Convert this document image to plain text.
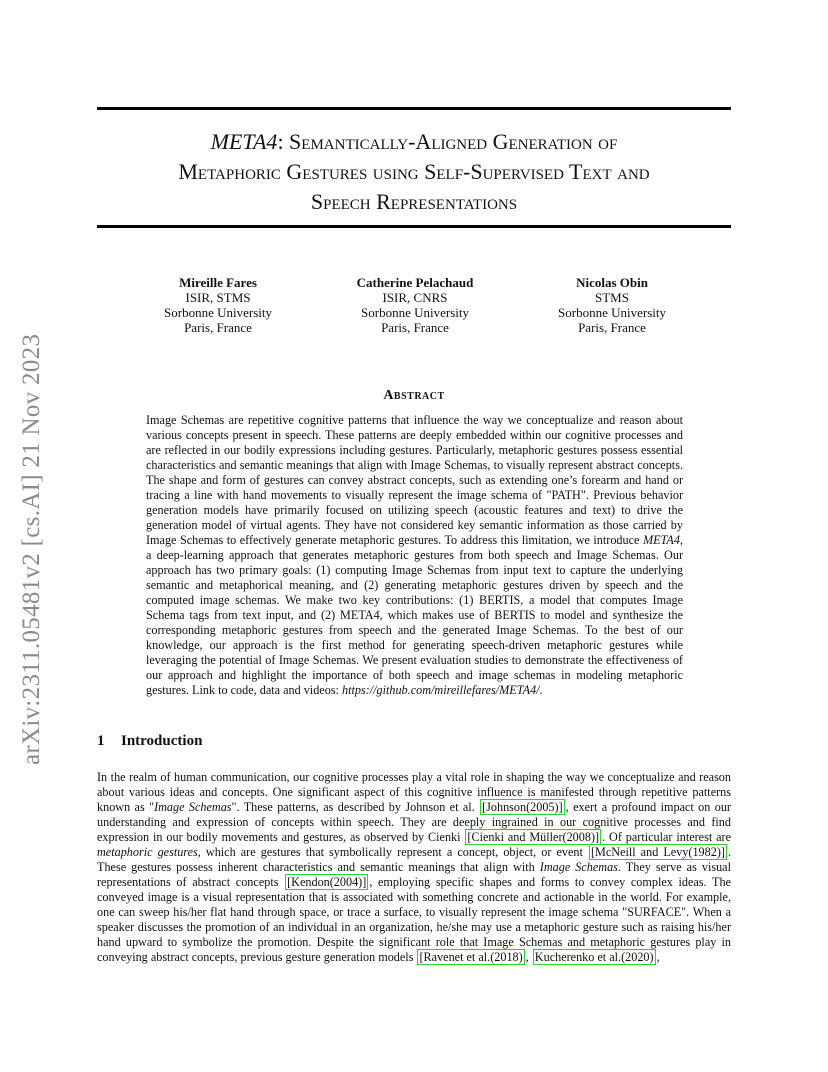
arXiv:2311.05481v2 [cs.AI] 21 Nov 2023
META4: Semantically-Aligned Generation of
Metaphoric Gestures using Self-Supervised Text and
Speech Representations
Mireille Fares
ISIR, STMS
Sorbonne University
Paris, France
Catherine Pelachaud
ISIR, CNRS
Sorbonne University
Paris, France
Nicolas Obin
STMS
Sorbonne University
Paris, France
Abstract
Image Schemas are repetitive cognitive patterns that influence the way we conceptualize and reason about various concepts present in speech. These patterns are deeply embedded within our cognitive processes and are reflected in our bodily expressions including gestures. Particularly, metaphoric gestures possess essential characteristics and semantic meanings that align with Image Schemas, to visually represent abstract concepts. The shape and form of gestures can convey abstract concepts, such as extending one’s forearm and hand or tracing a line with hand movements to visually represent the image schema of "PATH". Previous behavior generation models have primarily focused on utilizing speech (acoustic features and text) to drive the generation model of virtual agents. They have not considered key semantic information as those carried by Image Schemas to effectively generate metaphoric gestures. To address this limitation, we introduce META4, a deep-learning approach that generates metaphoric gestures from both speech and Image Schemas. Our approach has two primary goals: (1) computing Image Schemas from input text to capture the underlying semantic and metaphorical meaning, and (2) generating metaphoric gestures driven by speech and the computed image schemas. We make two key contributions: (1) BERTIS, a model that computes Image Schema tags from text input, and (2) META4, which makes use of BERTIS to model and synthesize the corresponding metaphoric gestures from speech and the generated Image Schemas. To the best of our knowledge, our approach is the first method for generating speech-driven metaphoric gestures while leveraging the potential of Image Schemas. We present evaluation studies to demonstrate the effectiveness of our approach and highlight the importance of both speech and image schemas in modeling metaphoric gestures. Link to code, data and videos: https://github.com/mireillefares/META4/.
1 Introduction
In the realm of human communication, our cognitive processes play a vital role in shaping the way we conceptualize and reason about various ideas and concepts. One significant aspect of this cognitive influence is manifested through repetitive patterns known as "Image Schemas". These patterns, as described by Johnson et al. [Johnson(2005)] , exert a profound impact on our understanding and expression of concepts within speech. They are deeply ingrained in our cognitive processes and find expression in our bodily movements and gestures, as observed by Cienki [Cienki and Müller(2008)] . Of particular interest are metaphoric gestures, which are gestures that symbolically represent a concept, object, or event [McNeill and Levy(1982)] . These gestures possess inherent characteristics and semantic meanings that align with Image Schemas. They serve as visual representations of abstract concepts [Kendon(2004)] , employing specific shapes and forms to convey complex ideas. The conveyed image is a visual representation that is associated with something concrete and actionable in the world. For example, one can sweep his/her flat hand through space, or trace a surface, to visually represent the image schema "SURFACE". When a speaker discusses the promotion of an individual in an organization, he/she may use a metaphoric gesture such as raising his/her hand upward to symbolize the promotion. Despite the significant role that Image Schemas and metaphoric gestures play in conveying abstract concepts, previous gesture generation models [Ravenet et al.(2018) , Kucherenko et al.(2020) ,
